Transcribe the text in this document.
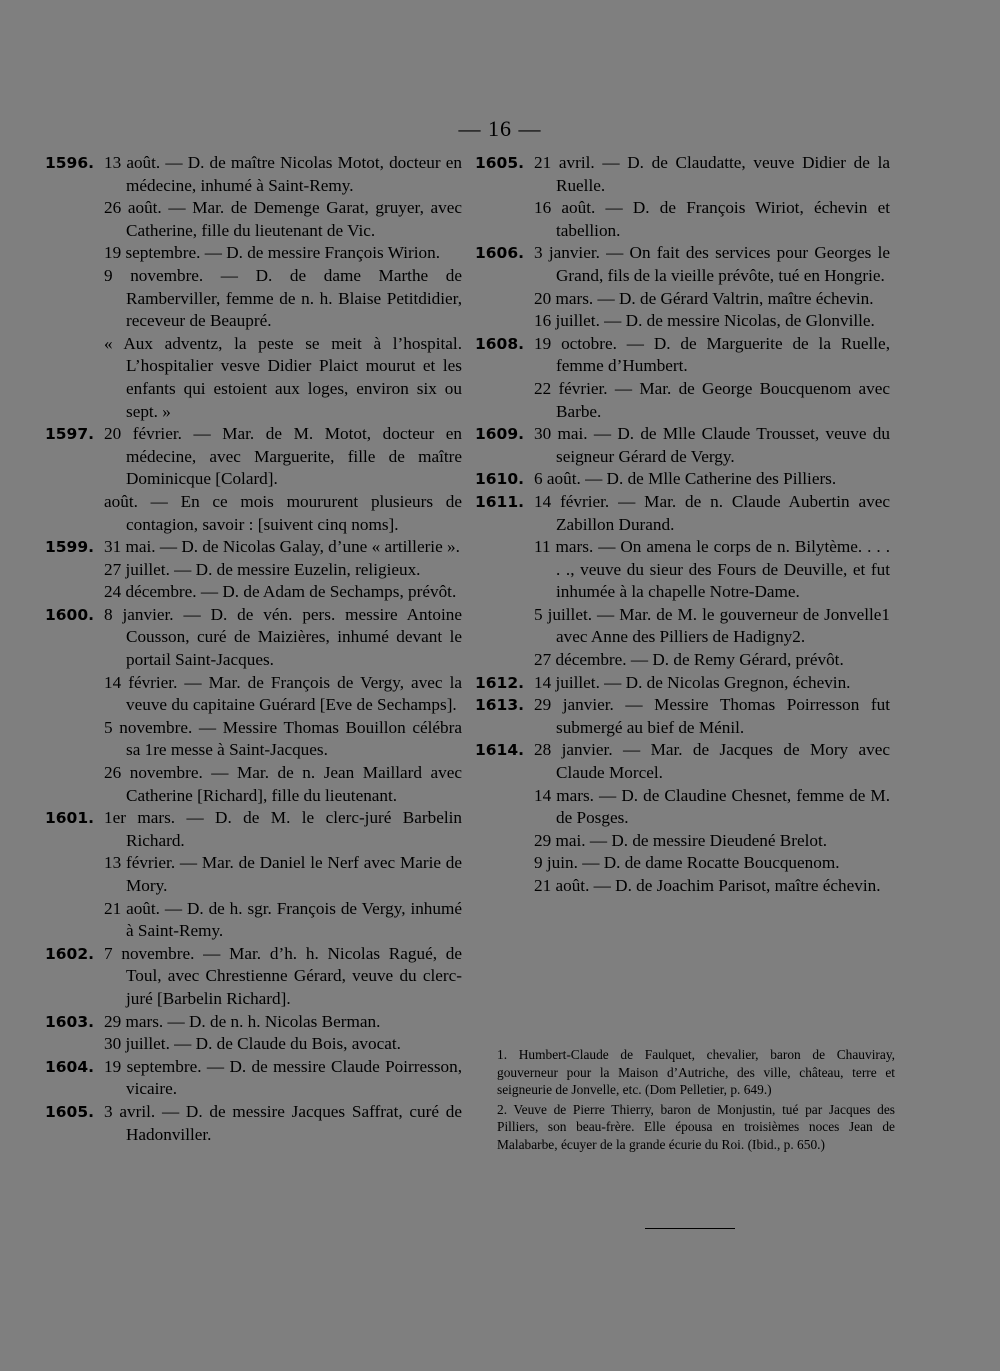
— 16 —
1596. 13 août. — D. de maître Nicolas Motot, docteur en médecine, inhumé à Saint-Remy.
26 août. — Mar. de Demenge Garat, gruyer, avec Catherine, fille du lieutenant de Vic.
19 septembre. — D. de messire François Wirion.
9 novembre. — D. de dame Marthe de Ramberviller, femme de n. h. Blaise Petitdidier, receveur de Beaupré.
« Aux adventz, la peste se meit à l’hospital. L’hospitalier vesve Didier Plaict mourut et les enfants qui estoient aux loges, environ six ou sept. »
1597. 20 février. — Mar. de M. Motot, docteur en médecine, avec Marguerite, fille de maître Dominicque [Colard].
août. — En ce mois moururent plusieurs de contagion, savoir : [suivent cinq noms].
1599. 31 mai. — D. de Nicolas Galay, d’une « artillerie ».
27 juillet. — D. de messire Euzelin, religieux.
24 décembre. — D. de Adam de Sechamps, prévôt.
1600. 8 janvier. — D. de vén. pers. messire Antoine Cousson, curé de Maizières, inhumé devant le portail Saint-Jacques.
14 février. — Mar. de François de Vergy, avec la veuve du capitaine Guérard [Eve de Sechamps].
5 novembre. — Messire Thomas Bouillon célébra sa 1re messe à Saint-Jacques.
26 novembre. — Mar. de n. Jean Maillard avec Catherine [Richard], fille du lieutenant.
1601. 1er mars. — D. de M. le clerc-juré Barbelin Richard.
13 février. — Mar. de Daniel le Nerf avec Marie de Mory.
21 août. — D. de h. sgr. François de Vergy, inhumé à Saint-Remy.
1602. 7 novembre. — Mar. d’h. h. Nicolas Ragué, de Toul, avec Chrestienne Gérard, veuve du clerc-juré [Barbelin Richard].
1603. 29 mars. — D. de n. h. Nicolas Berman.
30 juillet. — D. de Claude du Bois, avocat.
1604. 19 septembre. — D. de messire Claude Poirresson, vicaire.
1605. 3 avril. — D. de messire Jacques Saffrat, curé de Hadonviller.
1605. 21 avril. — D. de Claudatte, veuve Didier de la Ruelle.
16 août. — D. de François Wiriot, échevin et tabellion.
1606. 3 janvier. — On fait des services pour Georges le Grand, fils de la vieille prévôte, tué en Hongrie.
20 mars. — D. de Gérard Valtrin, maître échevin.
16 juillet. — D. de messire Nicolas, de Glonville.
1608. 19 octobre. — D. de Marguerite de la Ruelle, femme d’Humbert.
22 février. — Mar. de George Boucquenom avec Barbe.
1609. 30 mai. — D. de Mlle Claude Trousset, veuve du seigneur Gérard de Vergy.
1610. 6 août. — D. de Mlle Catherine des Pilliers.
1611. 14 février. — Mar. de n. Claude Aubertin avec Zabillon Durand.
11 mars. — On amena le corps de n. Bilytème. . . . . ., veuve du sieur des Fours de Deuville, et fut inhumée à la chapelle Notre-Dame.
5 juillet. — Mar. de M. le gouverneur de Jonvelle1 avec Anne des Pilliers de Hadigny2.
27 décembre. — D. de Remy Gérard, prévôt.
1612. 14 juillet. — D. de Nicolas Gregnon, échevin.
1613. 29 janvier. — Messire Thomas Poirresson fut submergé au bief de Ménil.
1614. 28 janvier. — Mar. de Jacques de Mory avec Claude Morcel.
14 mars. — D. de Claudine Chesnet, femme de M. de Posges.
29 mai. — D. de messire Dieudené Brelot.
9 juin. — D. de dame Rocatte Boucquenom.
21 août. — D. de Joachim Parisot, maître échevin.

1. Humbert-Claude de Faulquet, chevalier, baron de Chauviray, gouverneur pour la Maison d’Autriche, des ville, château, terre et seigneurie de Jonvelle, etc. (Dom Pelletier, p. 649.)

2. Veuve de Pierre Thierry, baron de Monjustin, tué par Jacques des Pilliers, son beau-frère. Elle épousa en troisièmes noces Jean de Malabarbe, écuyer de la grande écurie du Roi. (Ibid., p. 650.)
